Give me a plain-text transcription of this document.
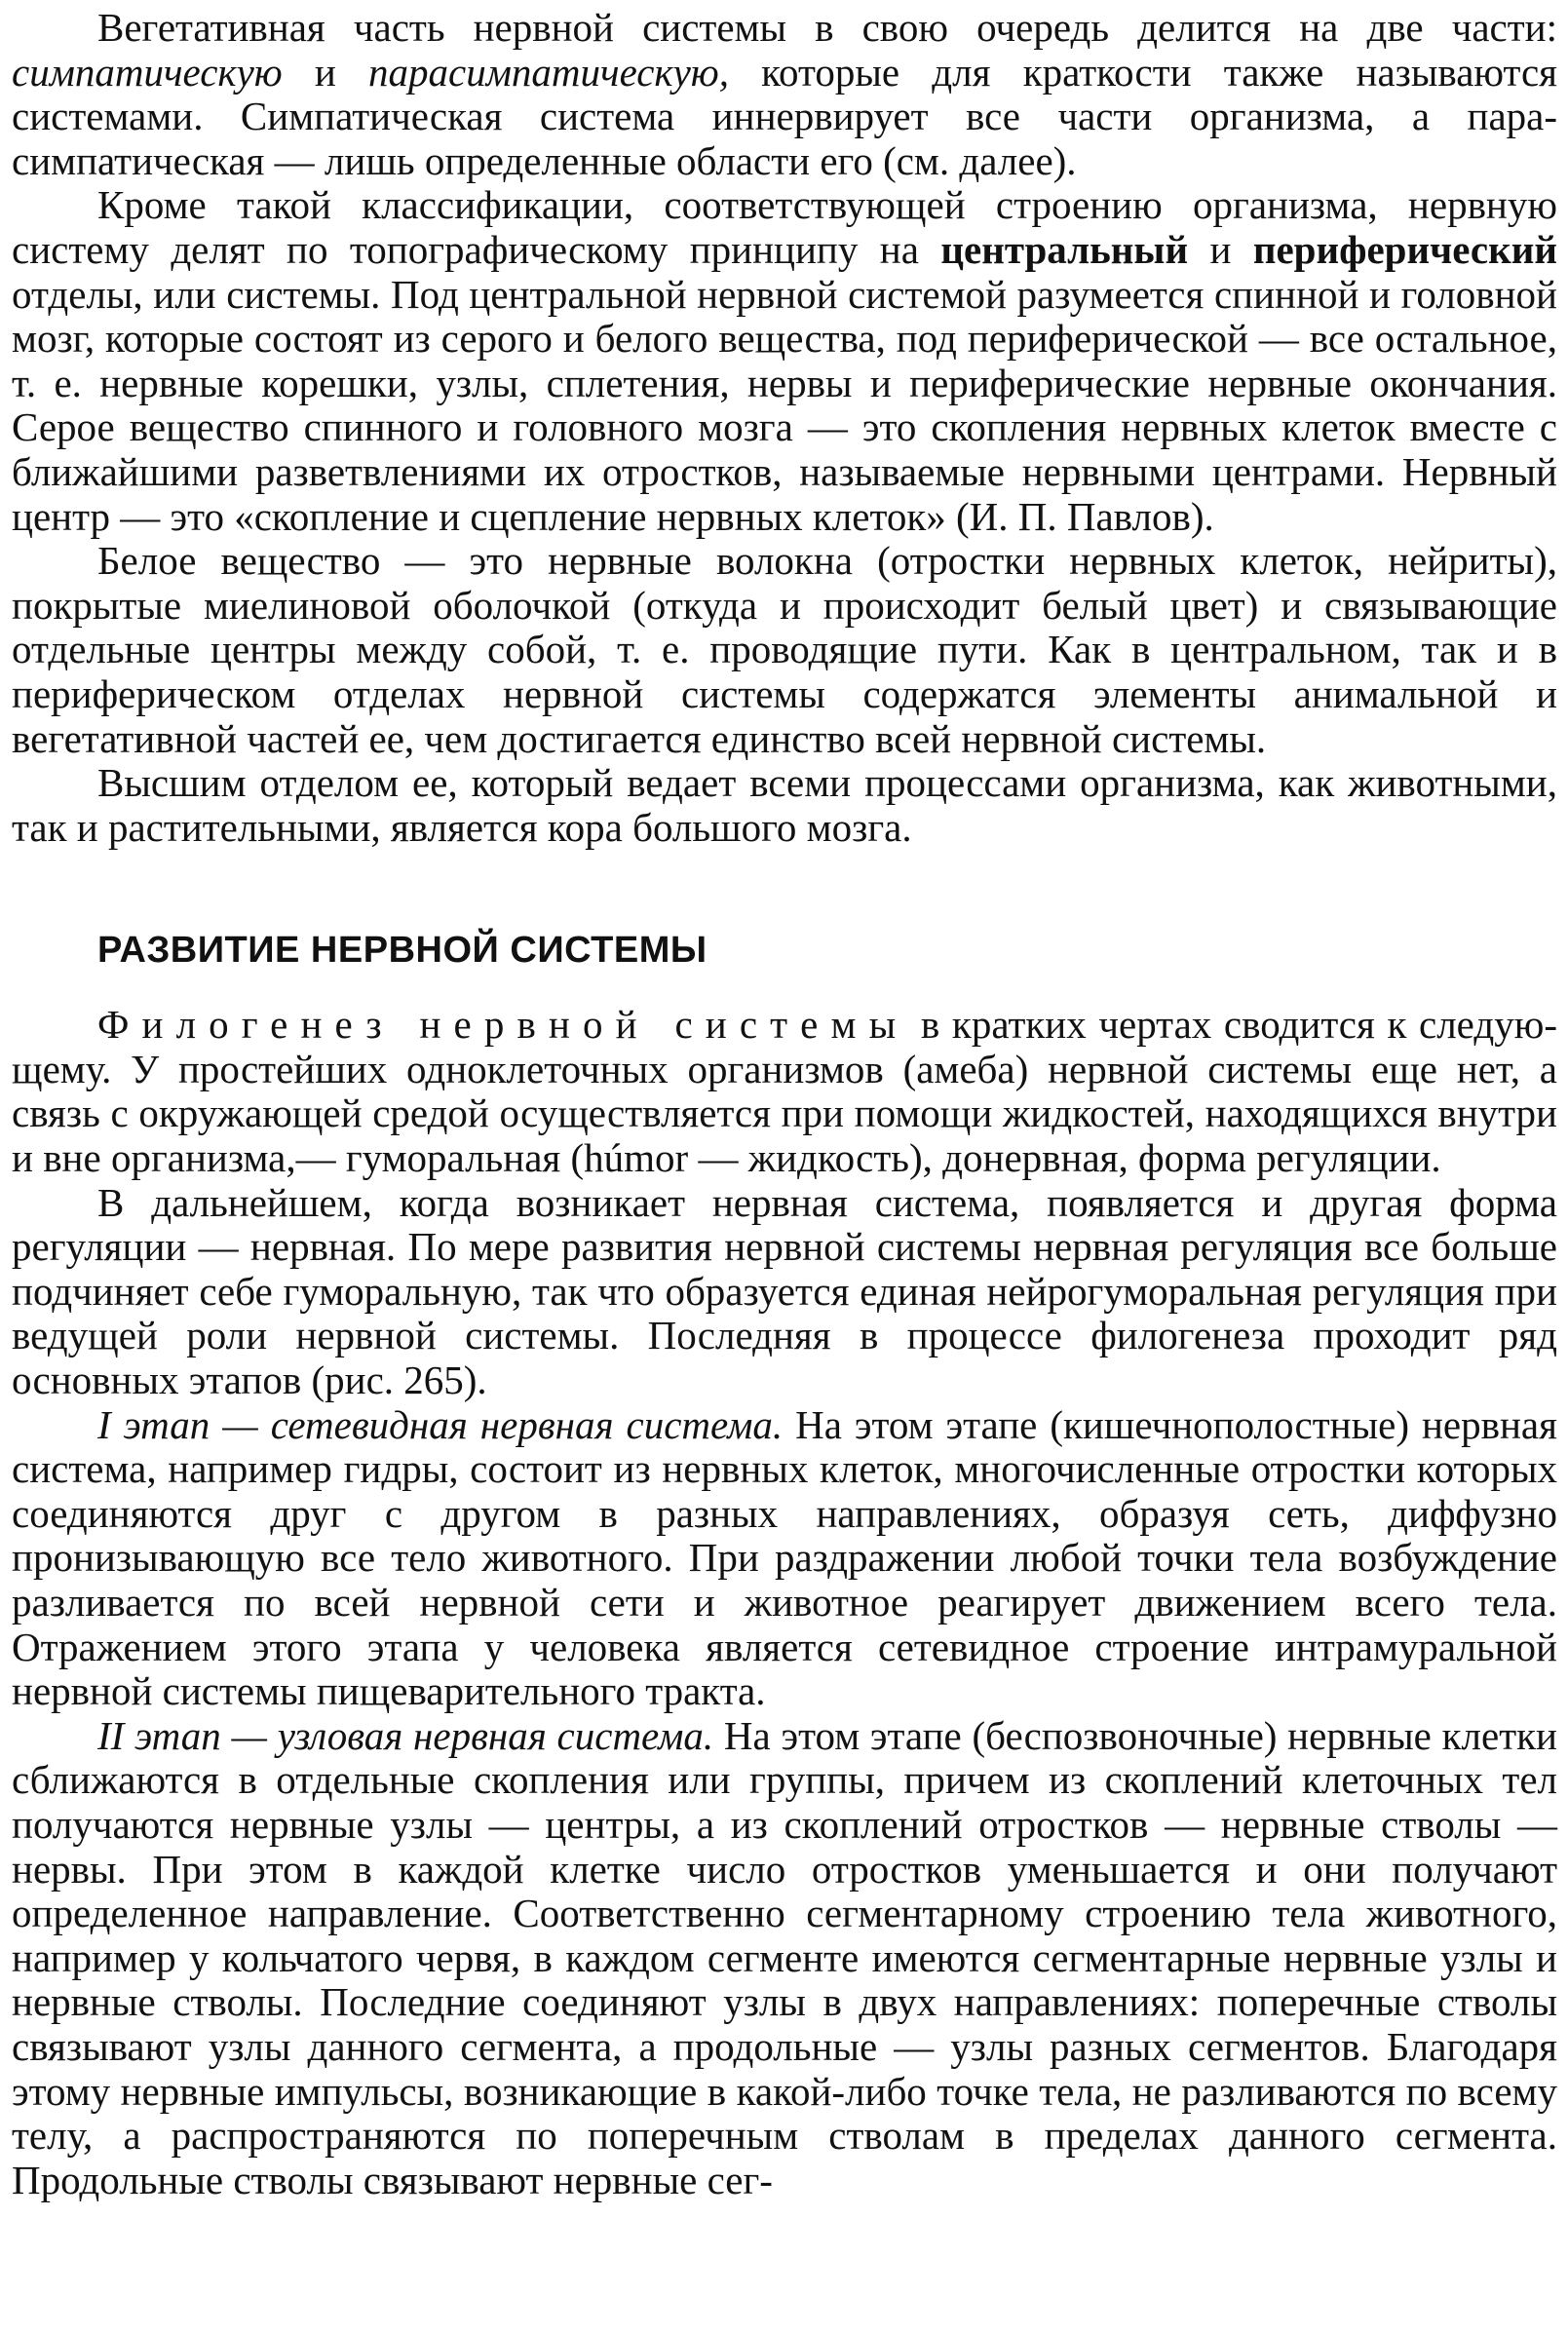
Вегетативная часть нервной системы в свою очередь делится на две части: симпатическую и парасимпатическую, которые для краткости также называются системами. Симпатическая система иннервирует все части организма, а парасимпатическая — лишь определенные области его (см. далее).

Кроме такой классификации, соответствующей строению организма, нервную систему делят по топографическому принципу на центральный и периферический отделы, или системы. Под центральной нервной системой разумеется спинной и головной мозг, которые состоят из серого и белого вещества, под периферической — все остальное, т. е. нервные корешки, узлы, сплетения, нервы и периферические нервные окончания. Серое вещество спинного и головного мозга — это скопления нервных клеток вместе с ближайшими разветвлениями их отростков, называемые нервными центрами. Нервный центр — это «скопление и сцепление нервных клеток» (И. П. Павлов).

Белое вещество — это нервные волокна (отростки нервных клеток, нейриты), покрытые миелиновой оболочкой (откуда и происходит белый цвет) и связывающие отдельные центры между собой, т. е. проводящие пути. Как в центральном, так и в периферическом отделах нервной системы содержатся элементы анимальной и вегетативной частей ее, чем достигается единство всей нервной системы.

Высшим отделом ее, который ведает всеми процессами организма, как животными, так и растительными, является кора большого мозга.

РАЗВИТИЕ НЕРВНОЙ СИСТЕМЫ

Филогенез нервной системы в кратких чертах сводится к следующему. У простейших одноклеточных организмов (амеба) нервной системы еще нет, а связь с окружающей средой осуществляется при помощи жидкостей, находящихся внутри и вне организма,— гуморальная (húmor — жидкость), донервная, форма регуляции.

В дальнейшем, когда возникает нервная система, появляется и другая форма регуляции — нервная. По мере развития нервной системы нервная регуляция все больше подчиняет себе гуморальную, так что образуется единая нейрогуморальная регуляция при ведущей роли нервной системы. Последняя в процессе филогенеза проходит ряд основных этапов (рис. 265).

I этап — сетевидная нервная система. На этом этапе (кишечнополостные) нервная система, например гидры, состоит из нервных клеток, многочисленные отростки которых соединяются друг с другом в разных направлениях, образуя сеть, диффузно пронизывающую все тело животного. При раздражении любой точки тела возбуждение разливается по всей нервной сети и животное реагирует движением всего тела. Отражением этого этапа у человека является сетевидное строение интрамуральной нервной системы пищеварительного тракта.

II этап — узловая нервная система. На этом этапе (беспозвоночные) нервные клетки сближаются в отдельные скопления или группы, причем из скоплений клеточных тел получаются нервные узлы — центры, а из скоплений отростков — нервные стволы — нервы. При этом в каждой клетке число отростков уменьшается и они получают определенное направление. Соответственно сегментарному строению тела животного, например у кольчатого червя, в каждом сегменте имеются сегментарные нервные узлы и нервные стволы. Последние соединяют узлы в двух направлениях: поперечные стволы связывают узлы данного сегмента, а продольные — узлы разных сегментов. Благодаря этому нервные импульсы, возникающие в какой-либо точке тела, не разливаются по всему телу, а распространяются по поперечным стволам в пределах данного сегмента. Продольные стволы связывают нервные сег-
